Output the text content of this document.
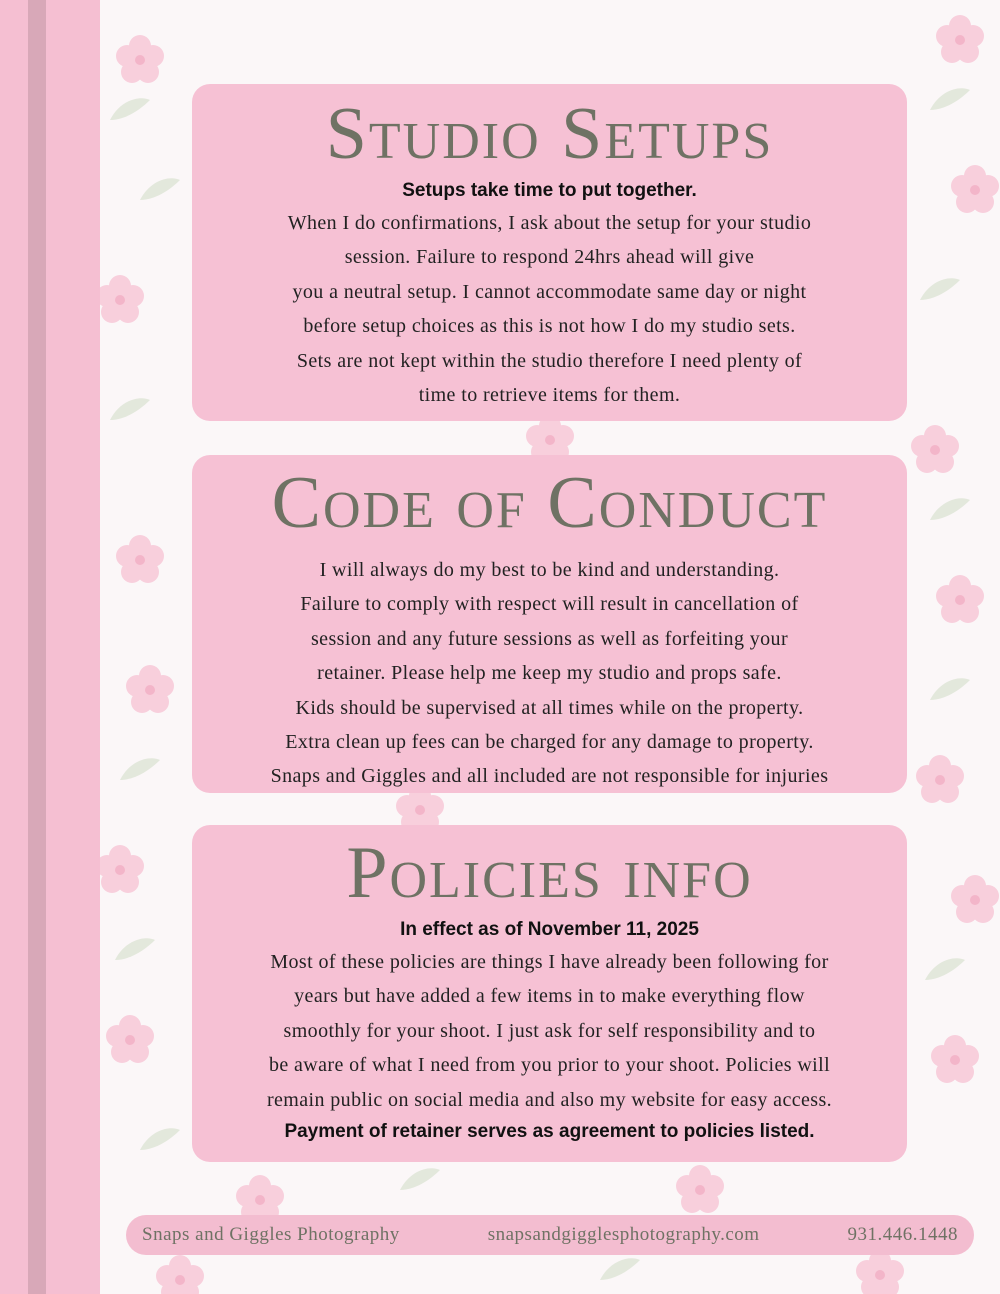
Studio Setups
Setups take time to put together.
When I do confirmations, I ask about the setup for your studio
session. Failure to respond 24hrs ahead will give
you a neutral setup. I cannot accommodate same day or night
before setup choices as this is not how I do my studio sets.
Sets are not kept within the studio therefore I need plenty of
time to retrieve items for them.
Code of Conduct
I will always do my best to be kind and understanding.
Failure to comply with respect will result in cancellation of
session and any future sessions as well as forfeiting your
retainer. Please help me keep my studio and props safe.
Kids should be supervised at all times while on the property.
Extra clean up fees can be charged for any damage to property.
Snaps and Giggles and all included are not responsible for injuries
Policies info
In effect as of November 11, 2025
Most of these policies are things I have already been following for
years but have added a few items in to make everything flow
smoothly for your shoot. I just ask for self responsibility and to
be aware of what I need from you prior to your shoot. Policies will
remain public on social media and also my website for easy access.
Payment of retainer serves as agreement to policies listed.
Snaps and Giggles Photography	snapsandgigglesphotography.com	931.446.1448
